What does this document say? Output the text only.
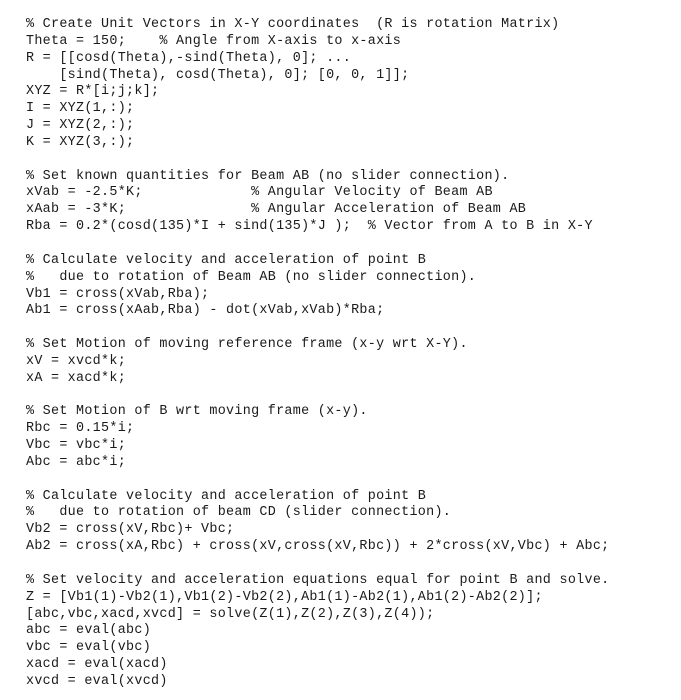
% Create Unit Vectors in X-Y coordinates  (R is rotation Matrix)
Theta = 150;    % Angle from X-axis to x-axis
R = [[cosd(Theta),-sind(Theta), 0]; ...
[sind(Theta), cosd(Theta), 0]; [0, 0, 1]];
XYZ = R*[i;j;k];
I = XYZ(1,:);
J = XYZ(2,:);
K = XYZ(3,:);
% Set known quantities for Beam AB (no slider connection).
xVab = -2.5*K;             % Angular Velocity of Beam AB
xAab = -3*K;               % Angular Acceleration of Beam AB
Rba = 0.2*(cosd(135)*I + sind(135)*J );  % Vector from A to B in X-Y
% Calculate velocity and acceleration of point B
%   due to rotation of Beam AB (no slider connection).
Vb1 = cross(xVab,Rba);
Ab1 = cross(xAab,Rba) - dot(xVab,xVab)*Rba;
% Set Motion of moving reference frame (x-y wrt X-Y).
xV = xvcd*k;
xA = xacd*k;
% Set Motion of B wrt moving frame (x-y).
Rbc = 0.15*i;
Vbc = vbc*i;
Abc = abc*i;
% Calculate velocity and acceleration of point B
%   due to rotation of beam CD (slider connection).
Vb2 = cross(xV,Rbc)+ Vbc;
Ab2 = cross(xA,Rbc) + cross(xV,cross(xV,Rbc)) + 2*cross(xV,Vbc) + Abc;
% Set velocity and acceleration equations equal for point B and solve.
Z = [Vb1(1)-Vb2(1),Vb1(2)-Vb2(2),Ab1(1)-Ab2(1),Ab1(2)-Ab2(2)];
[abc,vbc,xacd,xvcd] = solve(Z(1),Z(2),Z(3),Z(4));
abc = eval(abc)
vbc = eval(vbc)
xacd = eval(xacd)
xvcd = eval(xvcd)
